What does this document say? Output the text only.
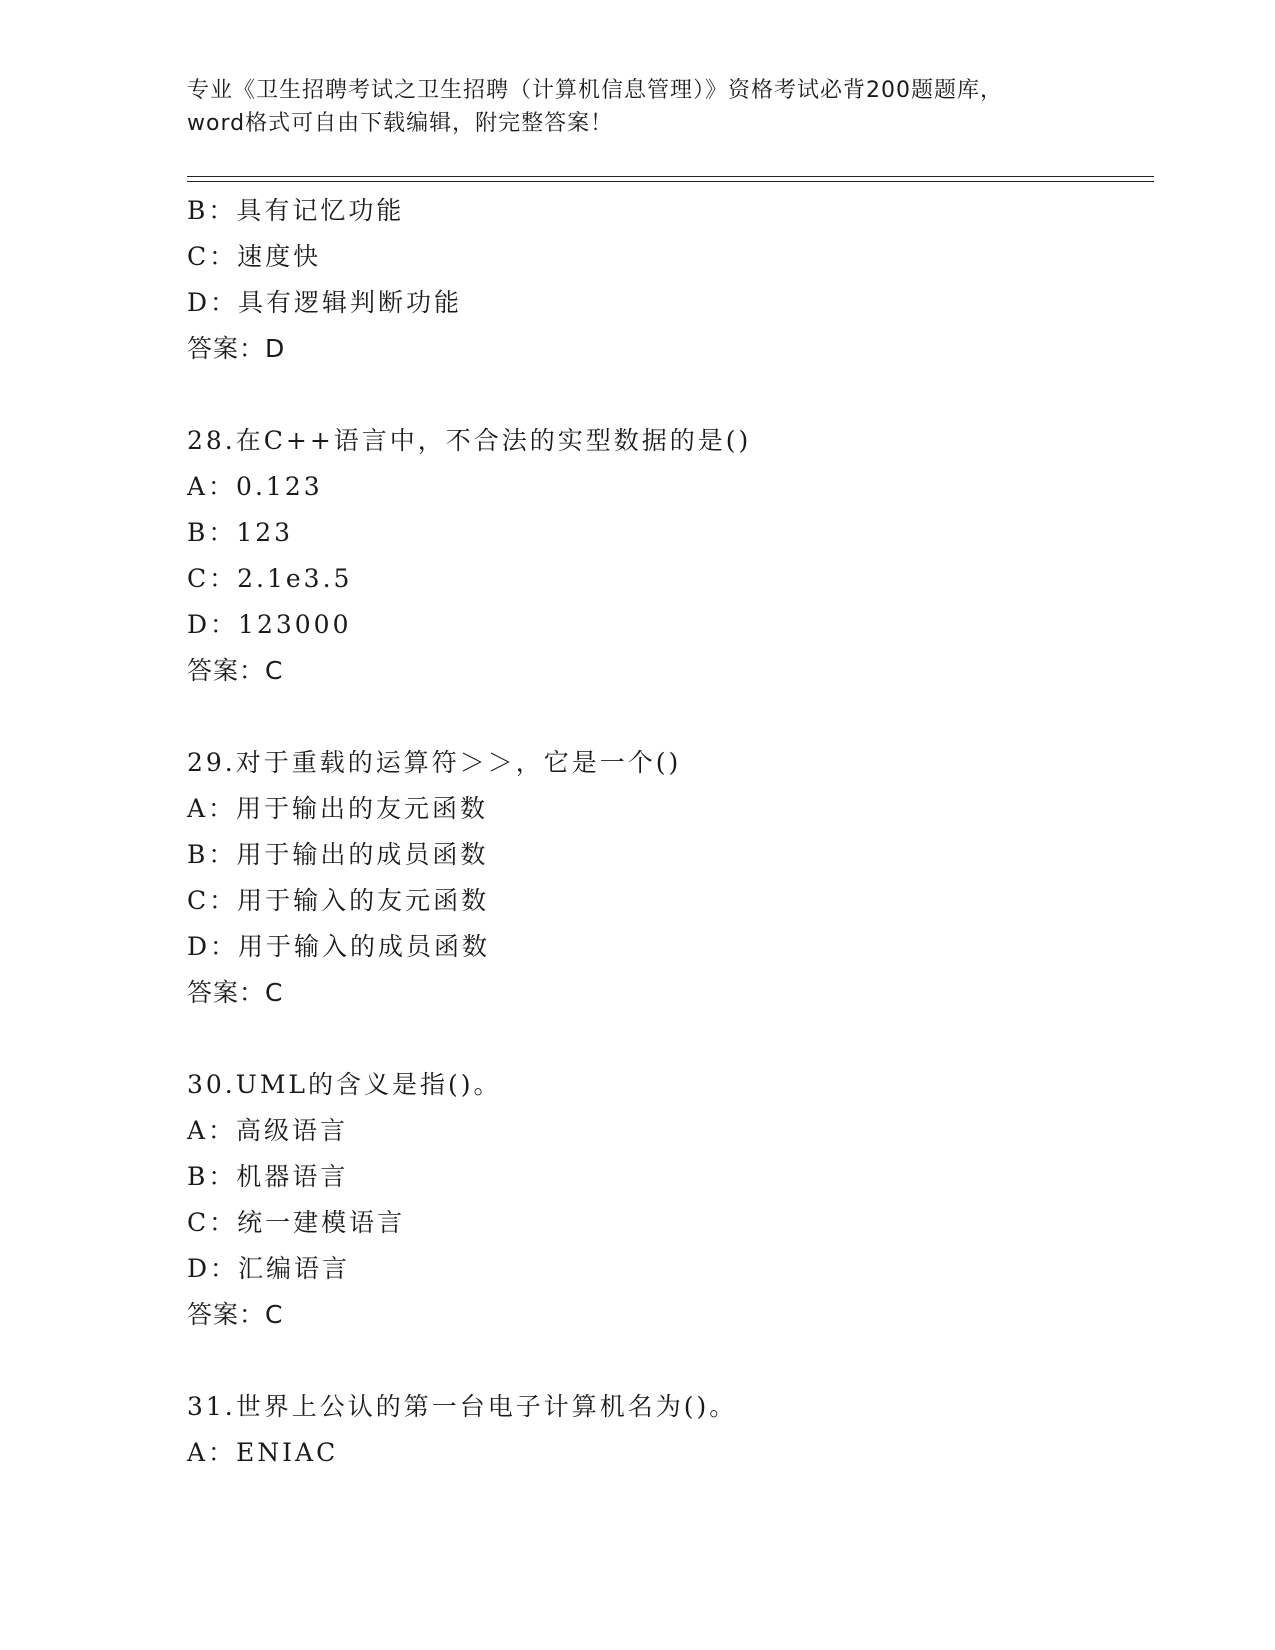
专业《卫生招聘考试之卫生招聘（计算机信息管理）》资格考试必背200题题库，
word格式可自由下载编辑，附完整答案！
B：具有记忆功能
C：速度快
D：具有逻辑判断功能
答案：D
28.在C++语言中，不合法的实型数据的是()
A：0.123
B：123
C：2.1e3.5
D：123000
答案：C
29.对于重载的运算符＞＞，它是一个()
A：用于输出的友元函数
B：用于输出的成员函数
C：用于输入的友元函数
D：用于输入的成员函数
答案：C
30.UML的含义是指()。
A：高级语言
B：机器语言
C：统一建模语言
D：汇编语言
答案：C
31.世界上公认的第一台电子计算机名为()。
A：ENIAC
